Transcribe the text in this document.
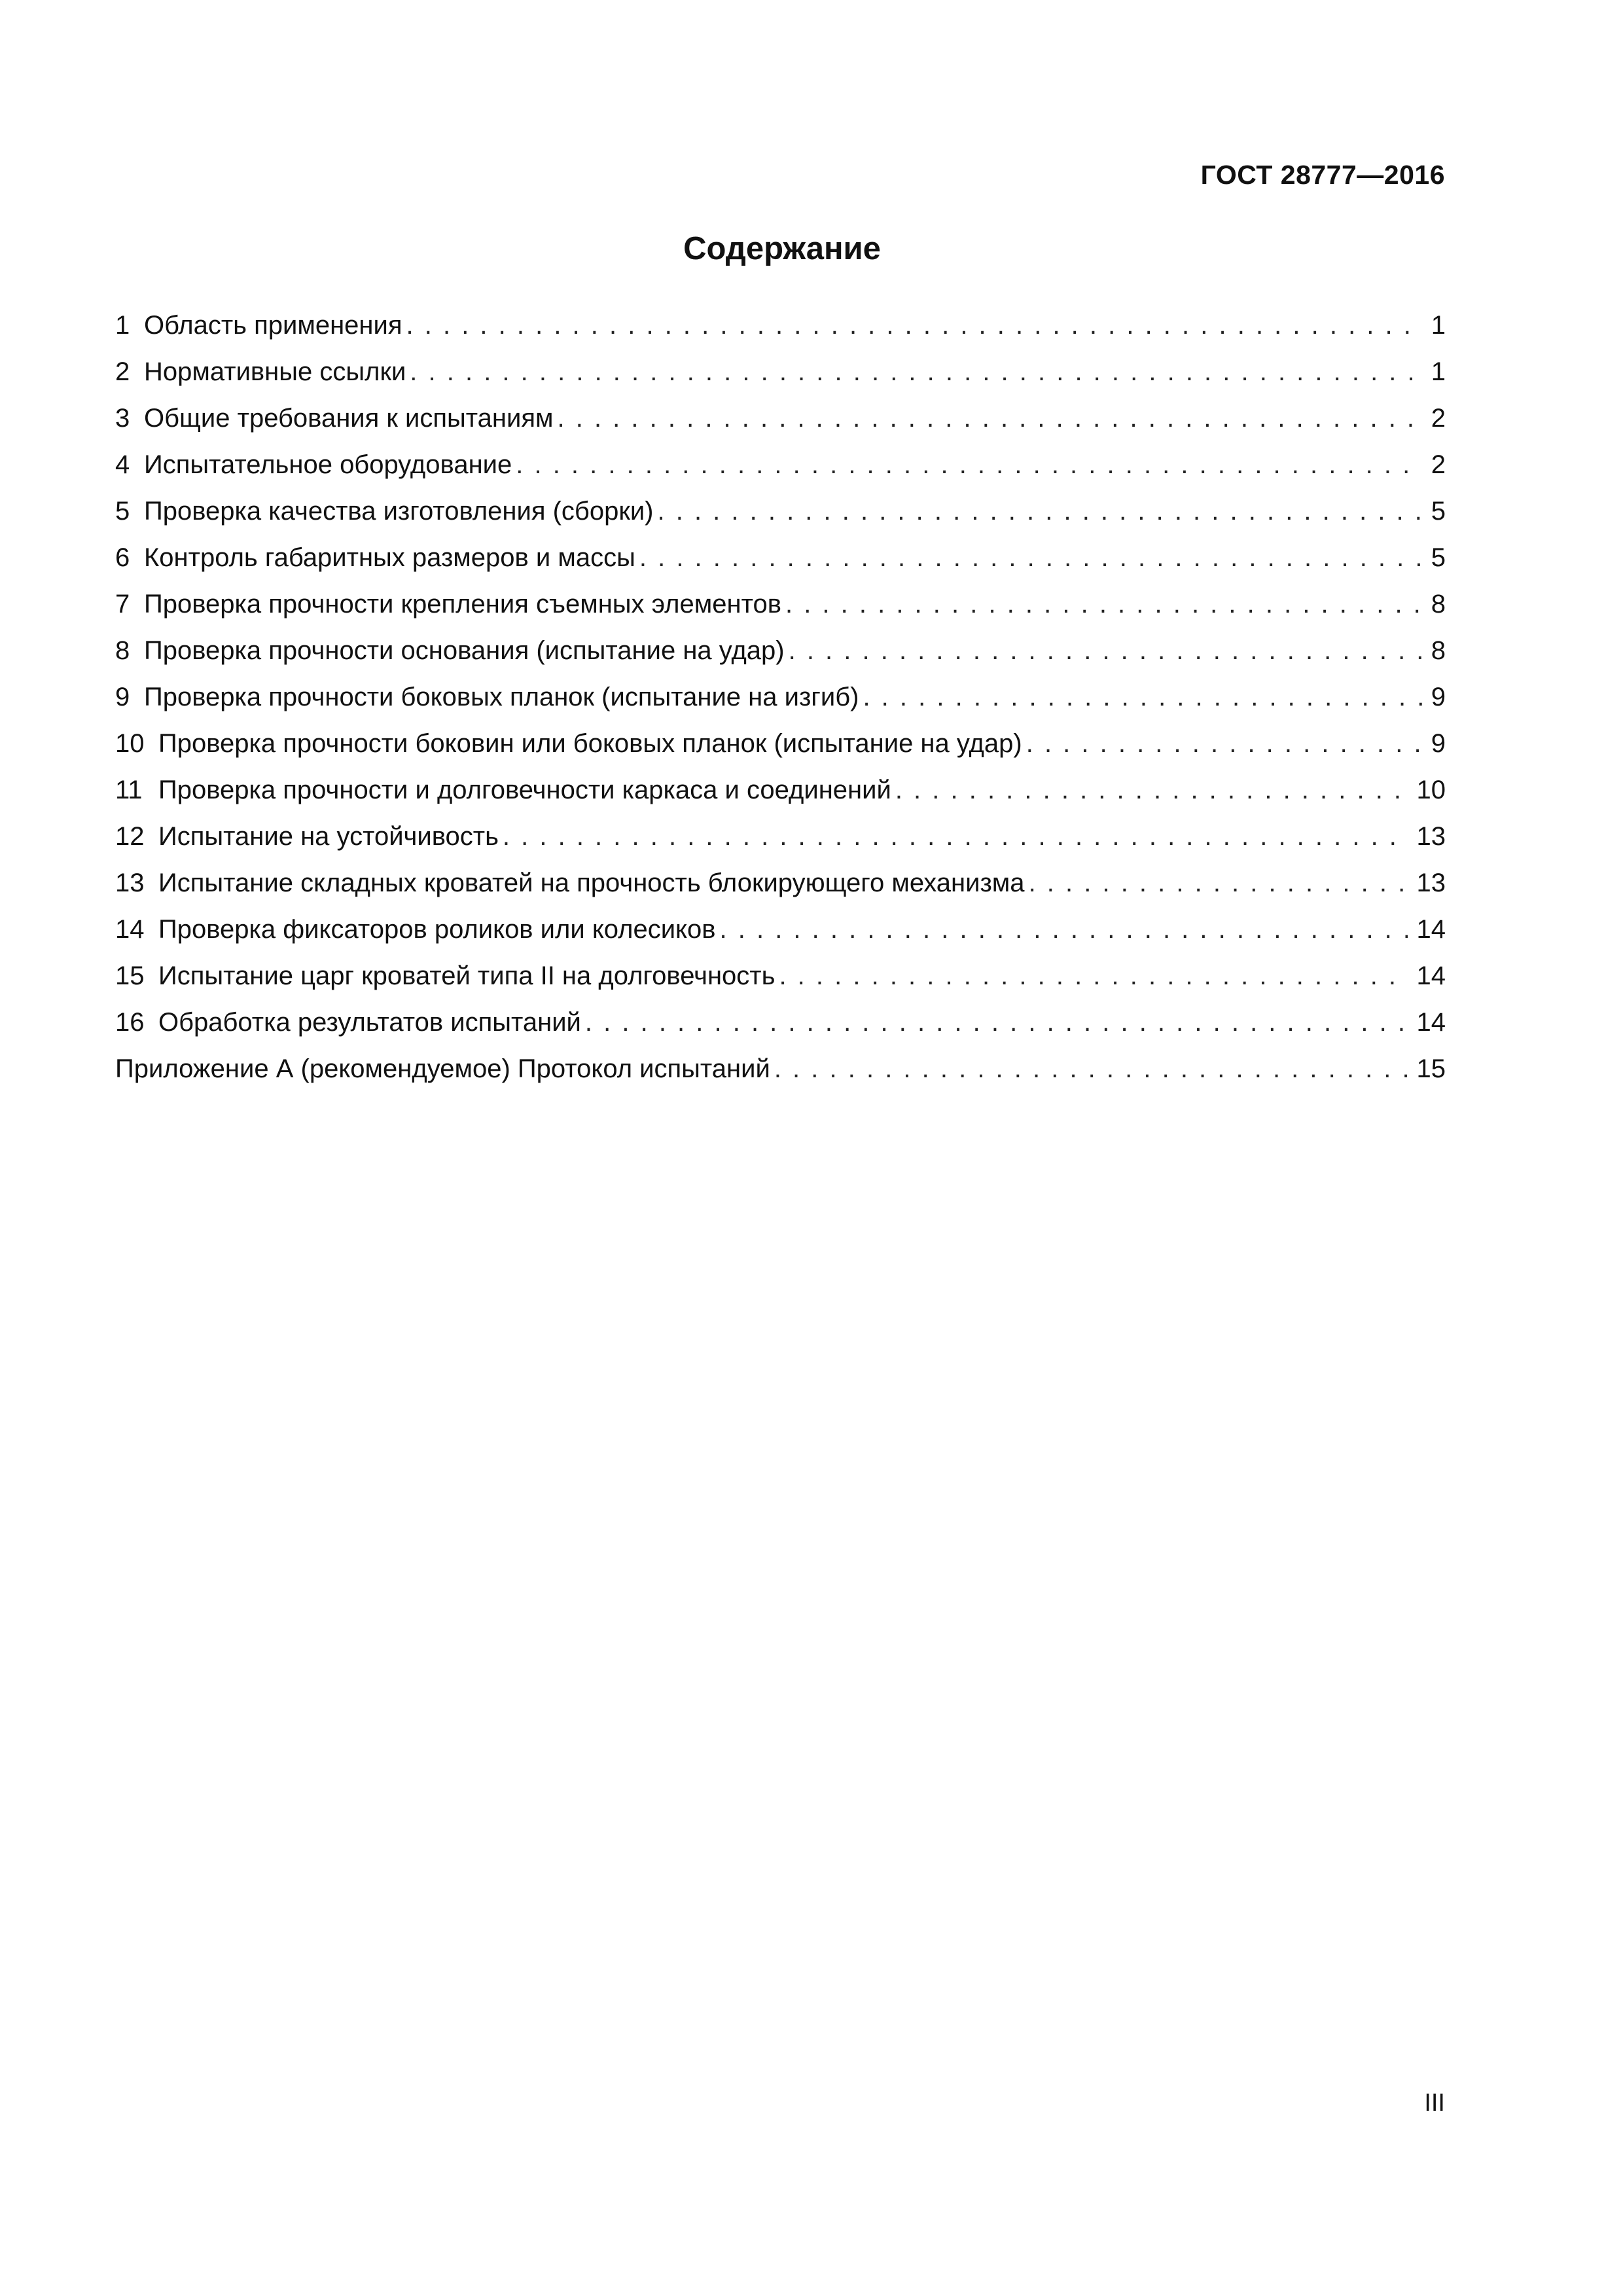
ГОСТ 28777—2016
Содержание
1 Область применения . . .	1
2 Нормативные ссылки . . .	1
3 Общие требования к испытаниям . . .	2
4 Испытательное оборудование . . .	2
5 Проверка качества изготовления (сборки) . . .	5
6 Контроль габаритных размеров и массы . . .	5
7 Проверка прочности крепления съемных элементов . . .	8
8 Проверка прочности основания (испытание на удар) . . .	8
9 Проверка прочности боковых планок (испытание на изгиб) . . .	9
10 Проверка прочности боковин или боковых планок (испытание на удар) . . .	9
11 Проверка прочности и долговечности каркаса и соединений . . .	10
12 Испытание на устойчивость . . .	13
13 Испытание складных кроватей на прочность блокирующего механизма . . .	13
14 Проверка фиксаторов роликов или колесиков . . .	14
15 Испытание царг кроватей типа II на долговечность . . .	14
16 Обработка результатов испытаний . . .	14
Приложение А (рекомендуемое) Протокол испытаний . . .	15
III
